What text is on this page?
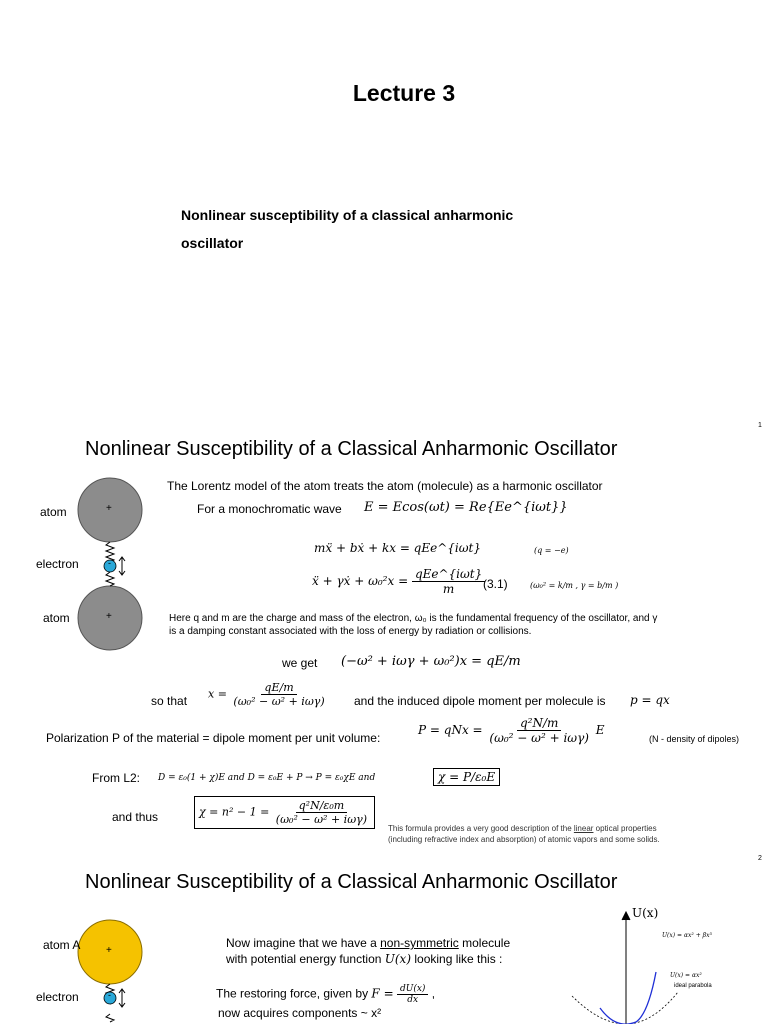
Lecture 3
Nonlinear susceptibility of a classical anharmonic
oscillator
1
Nonlinear Susceptibility of a Classical Anharmonic Oscillator
+
+
-
atom
electron
atom
The Lorentz model of the atom treats the atom (molecule) as a harmonic oscillator
For a monochromatic wave E = Ecos(ωt) = Re{Ee^{iωt}}
mẍ + bẋ + kx = qEe^{iωt}	(q = −e)
ẍ + γẋ + $\omega_0^2x = \frac{\text{qEe\textasciicircum{}\{iωt\}}}{m}$
(3.1)	(ω₀² = k/m , γ = b/m )
Here q and m are the charge and mass of the electron, ω₀ is the fundamental frequency of the oscillator, and γ
is a damping constant associated with the loss of energy by radiation or collisions.
we get (−ω² + iωγ + ω₀²)x = qE/m
so that $x = \frac{qE/m}{\text{(ω₀² − ω² + iωγ)}}$ and the induced dipole moment per molecule is p = qx
Polarization P of the material = dipole moment per unit volume:
P = qNx = $\frac{\text{q²N/m}}{\text{(ω₀² − ω² + iωγ)}}$ E
(N - density of dipoles)
From L2: D = ε₀(1 + χ)E and D = ε₀E + P → P = ε₀χE and	χ = P/ε₀E
and thus	$\chi = n^2 - 1 = \frac{\text{q²N/ε₀m}}{\text{(ω₀² − ω² + iωγ)}}$
This formula provides a very good description of the linear optical properties
(including refractive index and absorption) of atomic vapors and some solids.
2
Nonlinear Susceptibility of a Classical Anharmonic Oscillator
+
-
atom A
electron
Now imagine that we have a non-symmetric molecule
with potential energy function U(x) looking like this :
The restoring force, given by $F = \frac{dU(x)}{dx}$ ,
now acquires components ~ x²
U(x)
U(x) = αx² + βx³
U(x) = αx²
ideal parabola
